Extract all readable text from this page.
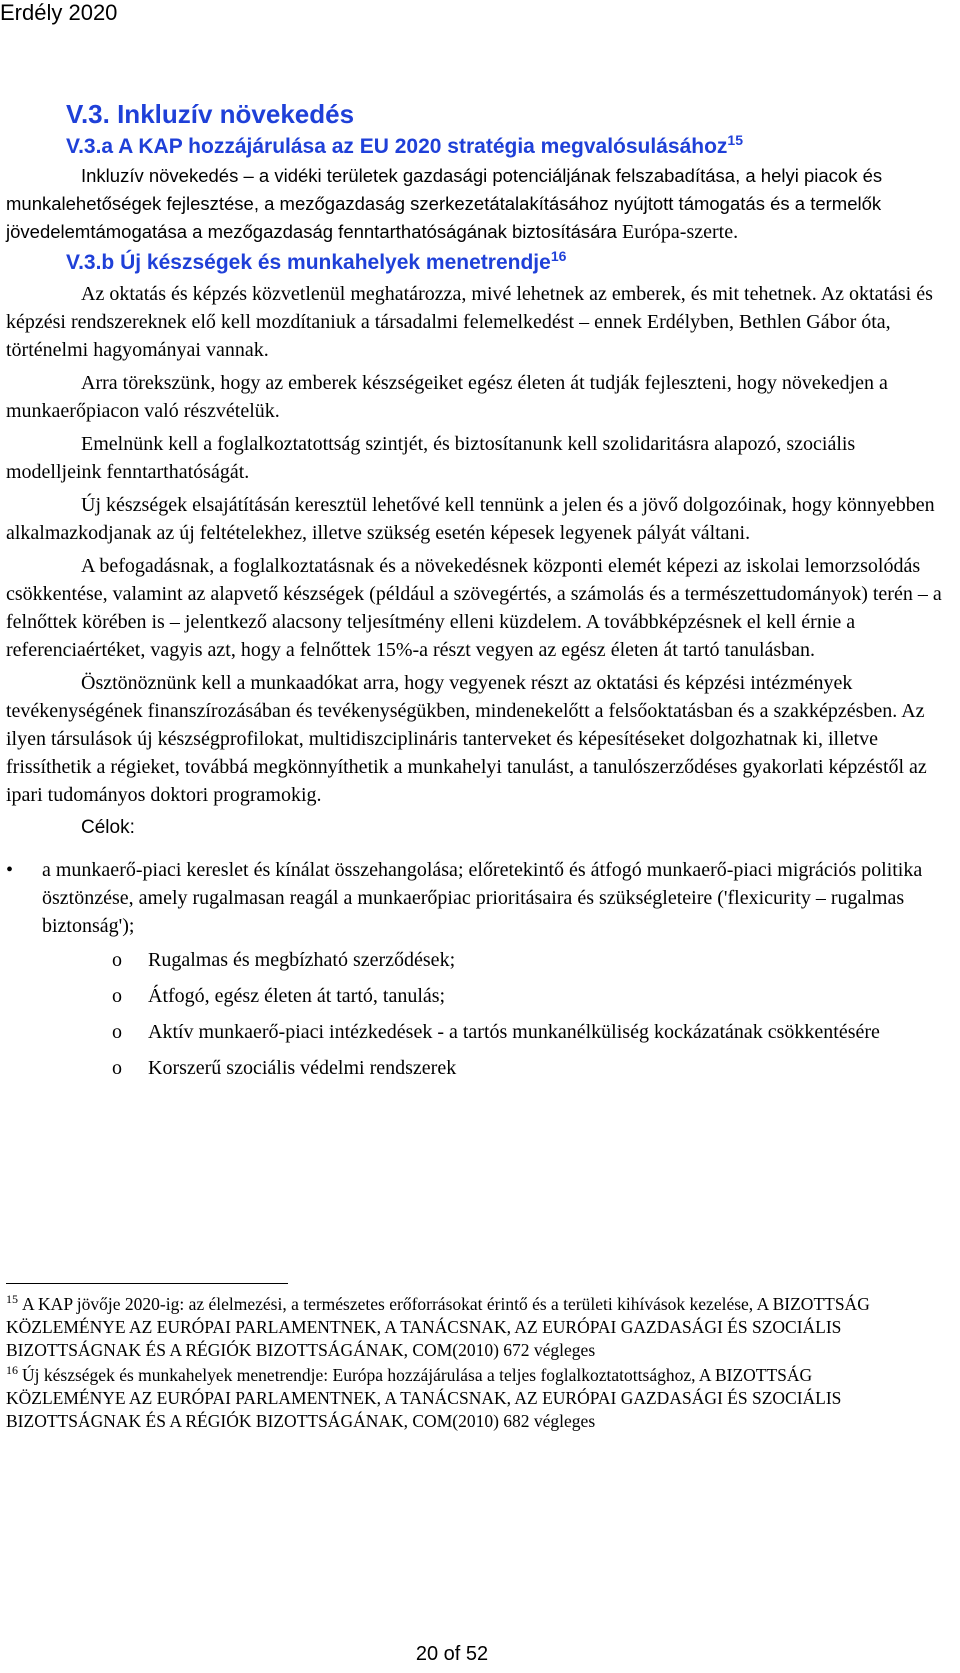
Erdély 2020
V.3. Inkluzív növekedés
V.3.a A KAP hozzájárulása az EU 2020 stratégia megvalósulásához$^{15}$

Inkluzív növekedés – a vidéki területek gazdasági potenciáljának felszabadítása, a helyi piacok és munkalehetőségek fejlesztése, a mezőgazdaság szerkezetátalakításához nyújtott támogatás és a termelők jövedelemtámogatása a mezőgazdaság fenntarthatóságának biztosítására Európa-szerte.

V.3.b Új készségek és munkahelyek menetrendje$^{16}$

Az oktatás és képzés közvetlenül meghatározza, mivé lehetnek az emberek, és mit tehetnek. Az oktatási és képzési rendszereknek elő kell mozdítaniuk a társadalmi felemelkedést – ennek Erdélyben, Bethlen Gábor óta, történelmi hagyományai vannak.

Arra törekszünk, hogy az emberek készségeiket egész életen át tudják fejleszteni, hogy növekedjen a munkaerőpiacon való részvételük.

Emelnünk kell a foglalkoztatottság szintjét, és biztosítanunk kell szolidaritásra alapozó, szociális modelljeink fenntarthatóságát.

Új készségek elsajátításán keresztül lehetővé kell tennünk a jelen és a jövő dolgozóinak, hogy könnyebben alkalmazkodjanak az új feltételekhez, illetve szükség esetén képesek legyenek pályát váltani.

A befogadásnak, a foglalkoztatásnak és a növekedésnek központi elemét képezi az iskolai lemorzsolódás csökkentése, valamint az alapvető készségek (például a szövegértés, a számolás és a természettudományok) terén – a felnőttek körében is – jelentkező alacsony teljesítmény elleni küzdelem. A továbbképzésnek el kell érnie a referenciaértéket, vagyis azt, hogy a felnőttek 15%-a részt vegyen az egész életen át tartó tanulásban.

Ösztönöznünk kell a munkaadókat arra, hogy vegyenek részt az oktatási és képzési intézmények tevékenységének finanszírozásában és tevékenységükben, mindenekelőtt a felsőoktatásban és a szakképzésben. Az ilyen társulások új készségprofilokat, multidiszciplináris tanterveket és képesítéseket dolgozhatnak ki, illetve frissíthetik a régieket, továbbá megkönnyíthetik a munkahelyi tanulást, a tanulószerződéses gyakorlati képzéstől az ipari tudományos doktori programokig.

Célok:
• a munkaerő-piaci kereslet és kínálat összehangolása; előretekintő és átfogó munkaerő-piaci migrációs politika ösztönzése, amely rugalmasan reagál a munkaerőpiac prioritásaira és szükségleteire ('flexicurity – rugalmas biztonság');
o Rugalmas és megbízható szerződések;
o Átfogó, egész életen át tartó, tanulás;
o Aktív munkaerő-piaci intézkedések - a tartós munkanélküliség kockázatának csökkentésére
o Korszerű szociális védelmi rendszerek

$^{15}$ A KAP jövője 2020-ig: az élelmezési, a természetes erőforrásokat érintő és a területi kihívások kezelése, A BIZOTTSÁG KÖZLEMÉNYE AZ EURÓPAI PARLAMENTNEK, A TANÁCSNAK, AZ EURÓPAI GAZDASÁGI ÉS SZOCIÁLIS BIZOTTSÁGNAK ÉS A RÉGIÓK BIZOTTSÁGÁNAK, COM(2010) 672 végleges

$^{16}$ Új készségek és munkahelyek menetrendje: Európa hozzájárulása a teljes foglalkoztatottsághoz, A BIZOTTSÁG KÖZLEMÉNYE AZ EURÓPAI PARLAMENTNEK, A TANÁCSNAK, AZ EURÓPAI GAZDASÁGI ÉS SZOCIÁLIS BIZOTTSÁGNAK ÉS A RÉGIÓK BIZOTTSÁGÁNAK, COM(2010) 682 végleges

20 of 52
